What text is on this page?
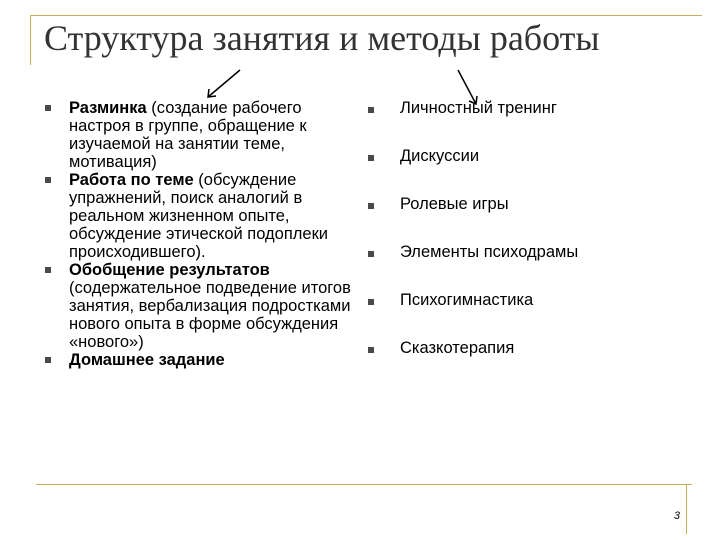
Структура занятия и методы работы
Разминка (создание рабочего настроя в группе, обращение к изучаемой на занятии теме, мотивация)
Работа по теме (обсуждение упражнений, поиск аналогий в реальном жизненном опыте, обсуждение этической подоплеки происходившего).
Обобщение результатов (содержательное подведение итогов занятия, вербализация подростками нового опыта в форме обсуждения «нового»)
Домашнее задание
Личностный тренинг
Дискуссии
Ролевые игры
Элементы психодрамы
Психогимнастика
Сказкотерапия
3
